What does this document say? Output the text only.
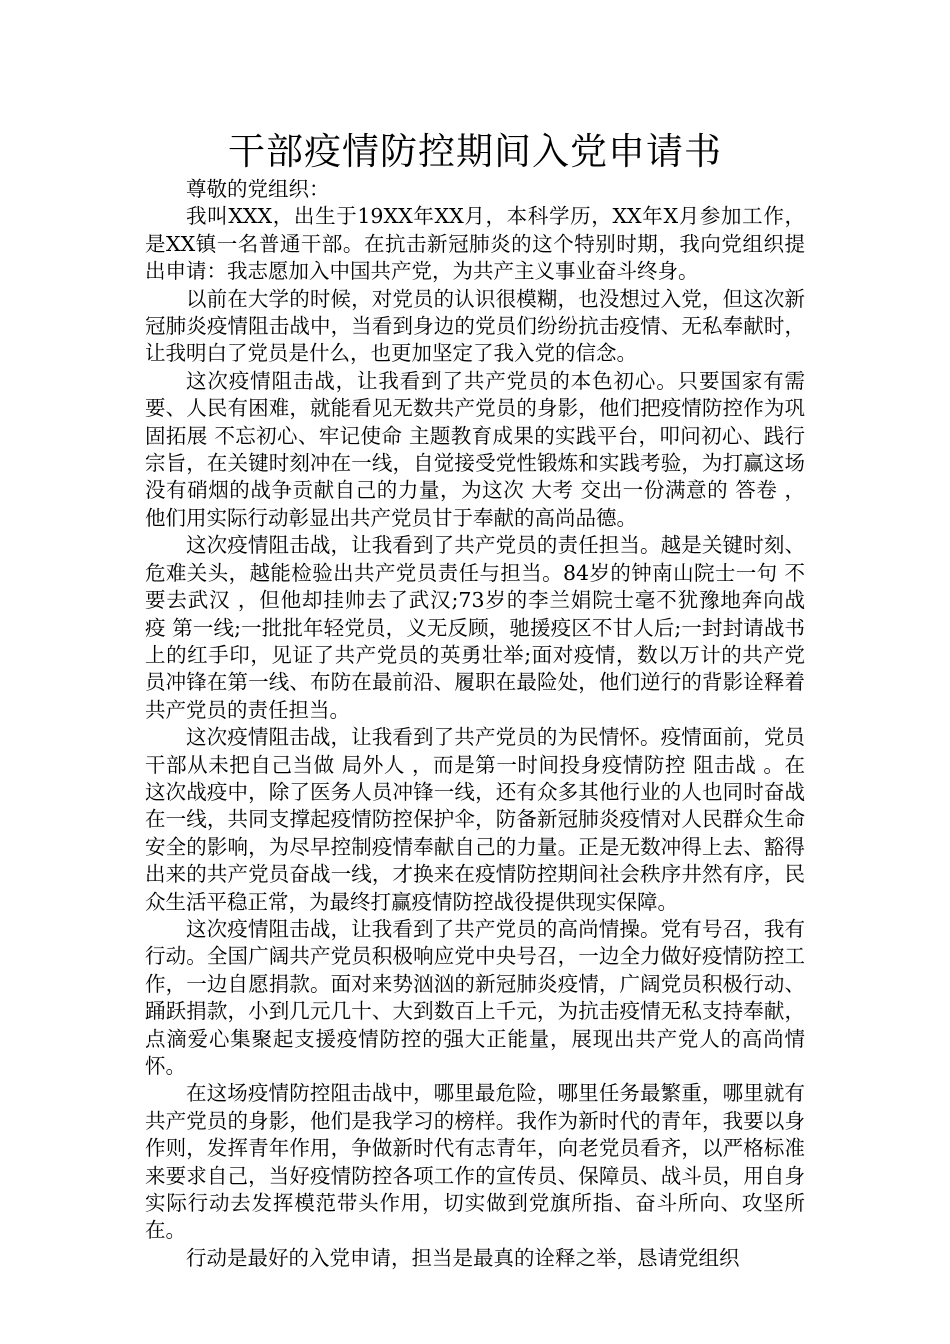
干部疫情防控期间入党申请书

尊敬的党组织：

我叫XXX，出生于19XX年XX月，本科学历，XX年X月参加工作，是XX镇一名普通干部。在抗击新冠肺炎的这个特别时期，我向党组织提出申请：我志愿加入中国共产党，为共产主义事业奋斗终身。

以前在大学的时候，对党员的认识很模糊，也没想过入党，但这次新冠肺炎疫情阻击战中，当看到身边的党员们纷纷抗击疫情、无私奉献时，让我明白了党员是什么，也更加坚定了我入党的信念。

这次疫情阻击战，让我看到了共产党员的本色初心。只要国家有需要、人民有困难，就能看见无数共产党员的身影，他们把疫情防控作为巩固拓展 不忘初心、牢记使命 主题教育成果的实践平台，叩问初心、践行宗旨，在关键时刻冲在一线，自觉接受党性锻炼和实践考验，为打赢这场没有硝烟的战争贡献自己的力量，为这次 大考 交出一份满意的 答卷 ，他们用实际行动彰显出共产党员甘于奉献的高尚品德。

这次疫情阻击战，让我看到了共产党员的责任担当。越是关键时刻、危难关头，越能检验出共产党员责任与担当。84岁的钟南山院士一句 不要去武汉 ，但他却挂帅去了武汉;73岁的李兰娟院士毫不犹豫地奔向战 疫 第一线;一批批年轻党员，义无反顾，驰援疫区不甘人后;一封封请战书上的红手印，见证了共产党员的英勇壮举;面对疫情，数以万计的共产党员冲锋在第一线、布防在最前沿、履职在最险处，他们逆行的背影诠释着共产党员的责任担当。

这次疫情阻击战，让我看到了共产党员的为民情怀。疫情面前，党员干部从未把自己当做 局外人 ，而是第一时间投身疫情防控 阻击战 。在这次战疫中，除了医务人员冲锋一线，还有众多其他行业的人也同时奋战在一线，共同支撑起疫情防控保护伞，防备新冠肺炎疫情对人民群众生命安全的影响，为尽早控制疫情奉献自己的力量。正是无数冲得上去、豁得出来的共产党员奋战一线，才换来在疫情防控期间社会秩序井然有序，民众生活平稳正常，为最终打赢疫情防控战役提供现实保障。

这次疫情阻击战，让我看到了共产党员的高尚情操。党有号召，我有行动。全国广阔共产党员积极响应党中央号召，一边全力做好疫情防控工作，一边自愿捐款。面对来势汹汹的新冠肺炎疫情，广阔党员积极行动、踊跃捐款，小到几元几十、大到数百上千元，为抗击疫情无私支持奉献，点滴爱心集聚起支援疫情防控的强大正能量，展现出共产党人的高尚情怀。

在这场疫情防控阻击战中，哪里最危险，哪里任务最繁重，哪里就有共产党员的身影，他们是我学习的榜样。我作为新时代的青年，我要以身作则，发挥青年作用，争做新时代有志青年，向老党员看齐，以严格标准来要求自己，当好疫情防控各项工作的宣传员、保障员、战斗员，用自身实际行动去发挥模范带头作用，切实做到党旗所指、奋斗所向、攻坚所在。

行动是最好的入党申请，担当是最真的诠释之举，恳请党组织
